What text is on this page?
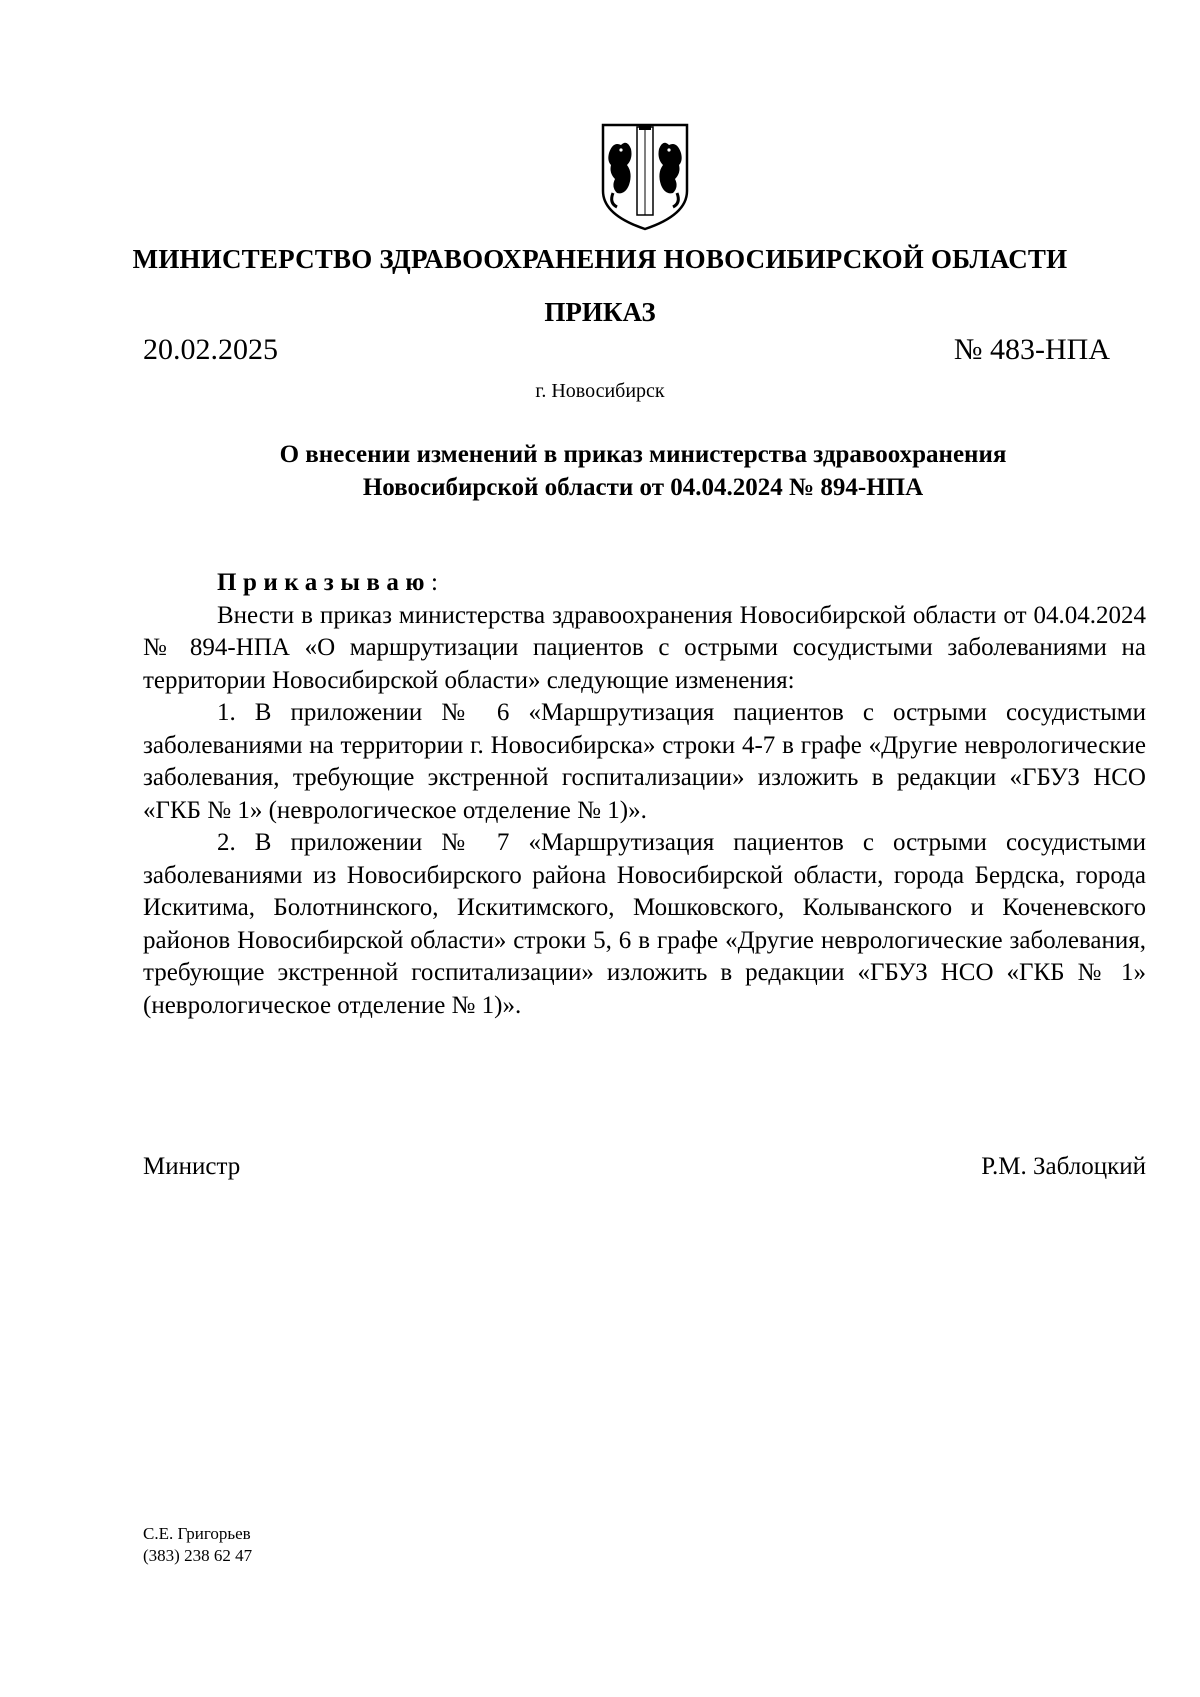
МИНИСТЕРСТВО ЗДРАВООХРАНЕНИЯ НОВОСИБИРСКОЙ ОБЛАСТИ
ПРИКАЗ
20.02.2025	№ 483-НПА
г. Новосибирск
О внесении изменений в приказ министерства здравоохранения
Новосибирской области от 04.04.2024 № 894-НПА

Приказываю:

Внести в приказ министерства здравоохранения Новосибирской области от 04.04.2024 № 894-НПА «О маршрутизации пациентов с острыми сосудистыми заболеваниями на территории Новосибирской области» следующие изменения:

1. В приложении № 6 «Маршрутизация пациентов с острыми сосудистыми заболеваниями на территории г. Новосибирска» строки 4-7 в графе «Другие неврологические заболевания, требующие экстренной госпитализации» изложить в редакции «ГБУЗ НСО «ГКБ № 1» (неврологическое отделение № 1)».

2. В приложении № 7 «Маршрутизация пациентов с острыми сосудистыми заболеваниями из Новосибирского района Новосибирской области, города Бердска, города Искитима, Болотнинского, Искитимского, Мошковского, Колыванского и Коченевского районов Новосибирской области» строки 5, 6 в графе «Другие неврологические заболевания, требующие экстренной госпитализации» изложить в редакции «ГБУЗ НСО «ГКБ № 1» (неврологическое отделение № 1)».

Министр	Р.М. Заблоцкий
С.Е. Григорьев
(383) 238 62 47
